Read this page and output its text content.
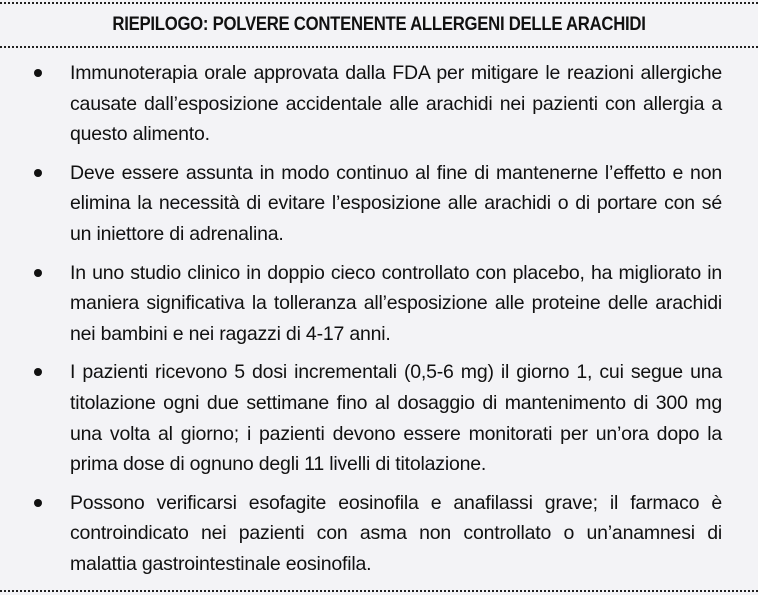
RIEPILOGO: POLVERE CONTENENTE ALLERGENI DELLE ARACHIDI
Immunoterapia orale approvata dalla FDA per mitigare le reazioni allergiche causate dall’esposizione accidentale alle arachidi nei pazienti con allergia a questo alimento.
Deve essere assunta in modo continuo al fine di mantenerne l’effetto e non elimina la necessità di evitare l’esposizione alle arachidi o di portare con sé un iniettore di adrenalina.
In uno studio clinico in doppio cieco controllato con placebo, ha migliorato in maniera significativa la tolleranza all’esposizione alle proteine delle arachidi nei bambini e nei ragazzi di 4-17 anni.
I pazienti ricevono 5 dosi incrementali (0,5-6 mg) il giorno 1, cui segue una titolazione ogni due settimane fino al dosaggio di mantenimento di 300 mg una volta al giorno; i pazienti devono essere monitorati per un’ora dopo la prima dose di ognuno degli 11 livelli di titolazione.
Possono verificarsi esofagite eosinofila e anafilassi grave; il farmaco è controindicato nei pazienti con asma non controllato o un’anamnesi di malattia gastrointestinale eosinofila.
